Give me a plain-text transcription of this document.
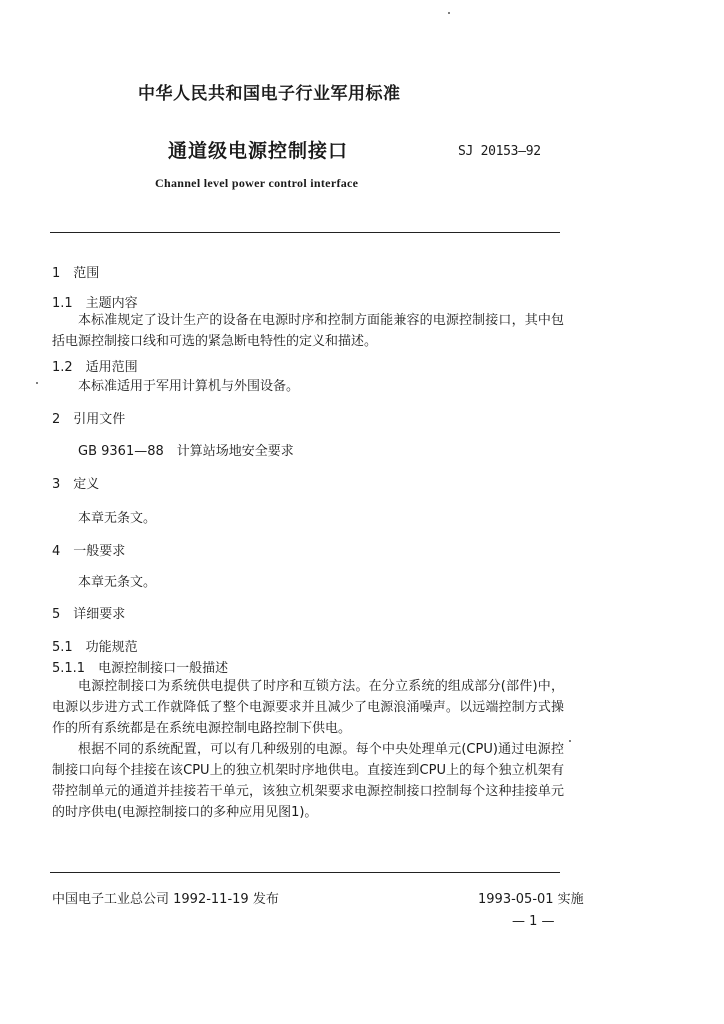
中华人民共和国电子行业军用标准
通道级电源控制接口	SJ 20153—92
Channel level power control interface
1　范围
1.1　主题内容
本标准规定了设计生产的设备在电源时序和控制方面能兼容的电源控制接口，其中包括电源控制接口线和可选的紧急断电特性的定义和描述。
1.2　适用范围
本标准适用于军用计算机与外围设备。
2　引用文件
GB 9361—88　计算站场地安全要求
3　定义
本章无条文。
4　一般要求
本章无条文。
5　详细要求
5.1　功能规范
5.1.1　电源控制接口一般描述
电源控制接口为系统供电提供了时序和互锁方法。在分立系统的组成部分(部件)中，电源以步进方式工作就降低了整个电源要求并且减少了电源浪涌噪声。以远端控制方式操作的所有系统都是在系统电源控制电路控制下供电。
根据不同的系统配置，可以有几种级别的电源。每个中央处理单元(CPU)通过电源控制接口向每个挂接在该CPU上的独立机架时序地供电。直接连到CPU上的每个独立机架有带控制单元的通道并挂接若干单元，该独立机架要求电源控制接口控制每个这种挂接单元的时序供电(电源控制接口的多种应用见图1)。
中国电子工业总公司 1992-11-19 发布	1993-05-01 实施
— 1 —
